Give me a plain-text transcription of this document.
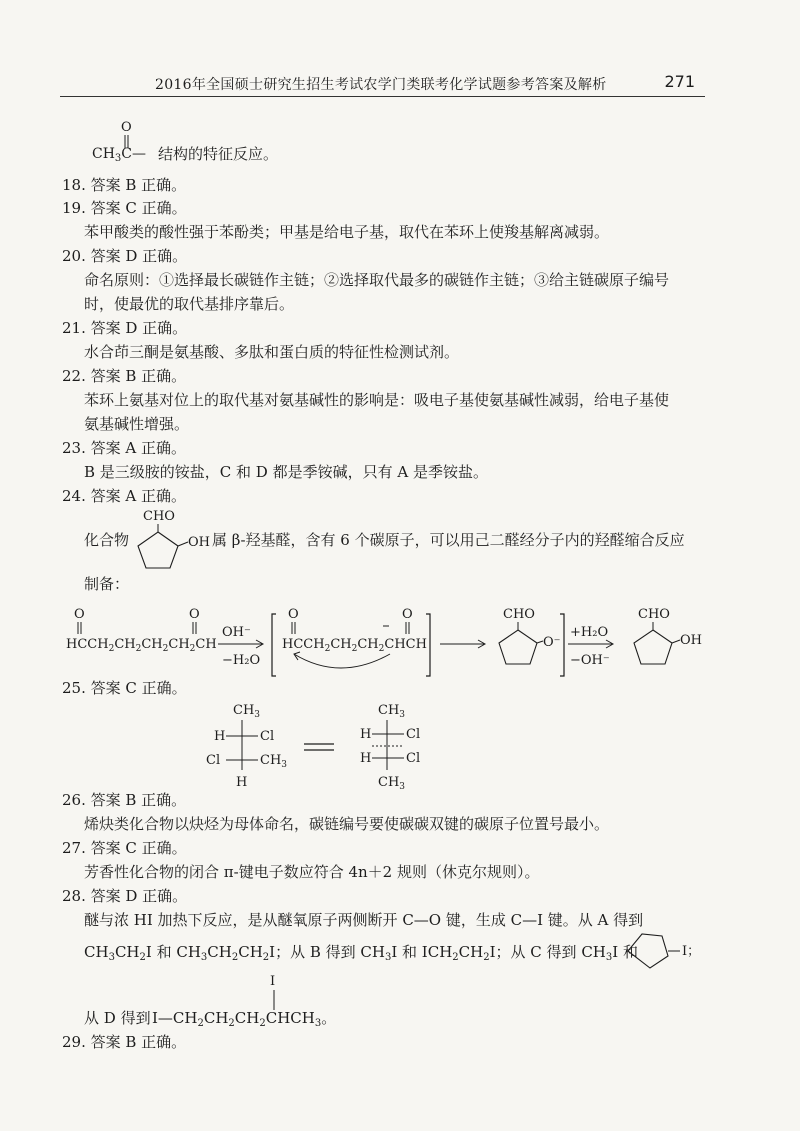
2016年全国硕士研究生招生考试农学门类联考化学试题参考答案及解析	271
$CH_3C—$
O
结构的特征反应。
18. 答案 B 正确。
19. 答案 C 正确。
苯甲酸类的酸性强于苯酚类；甲基是给电子基，取代在苯环上使羧基解离减弱。
20. 答案 D 正确。
命名原则：①选择最长碳链作主链；②选择取代最多的碳链作主链；③给主链碳原子编号
时，使最优的取代基排序靠后。
21. 答案 D 正确。
水合茚三酮是氨基酸、多肽和蛋白质的特征性检测试剂。
22. 答案 B 正确。
苯环上氨基对位上的取代基对氨基碱性的影响是：吸电子基使氨基碱性减弱，给电子基使
氨基碱性增强。
23. 答案 A 正确。
B 是三级胺的铵盐，C 和 D 都是季铵碱，只有 A 是季铵盐。
24. 答案 A 正确。
化合物
CHO
OH 属 β-羟基醛，含有 6 个碳原子，可以用己二醛经分子内的羟醛缩合反应
制备：
O	O
$HCCH_2CH_2CH_2CH_2CH$
OH⁻
−H₂O
O	O
$HCCH_2CH_2CH_2CHCH$
CHO
O⁻
+H₂O
−OH⁻
CHO
OH
25. 答案 C 正确。
$CH_3$
H	Cl
Cl	$CH_3$
H
$CH_3$
H	Cl
H	Cl
$CH_3$
26. 答案 B 正确。
烯炔类化合物以炔烃为母体命名，碳链编号要使碳碳双键的碳原子位置号最小。
27. 答案 C 正确。
芳香性化合物的闭合 π-键电子数应符合 4n＋2 规则（休克尔规则）。
28. 答案 D 正确。
醚与浓 HI 加热下反应，是从醚氧原子两侧断开 C—O 键，生成 C—I 键。从 A 得到
$CH_3CH_2I$ 和 $CH_3CH_2CH_2I$；从 B 得到 $CH_3I$ 和 $ICH_2CH_2I$；从 C 得到 $CH_3I$ 和	I；
从 D 得到 $I—CH_2CH_2CH_2CHCH_3$。
I
29. 答案 B 正确。
